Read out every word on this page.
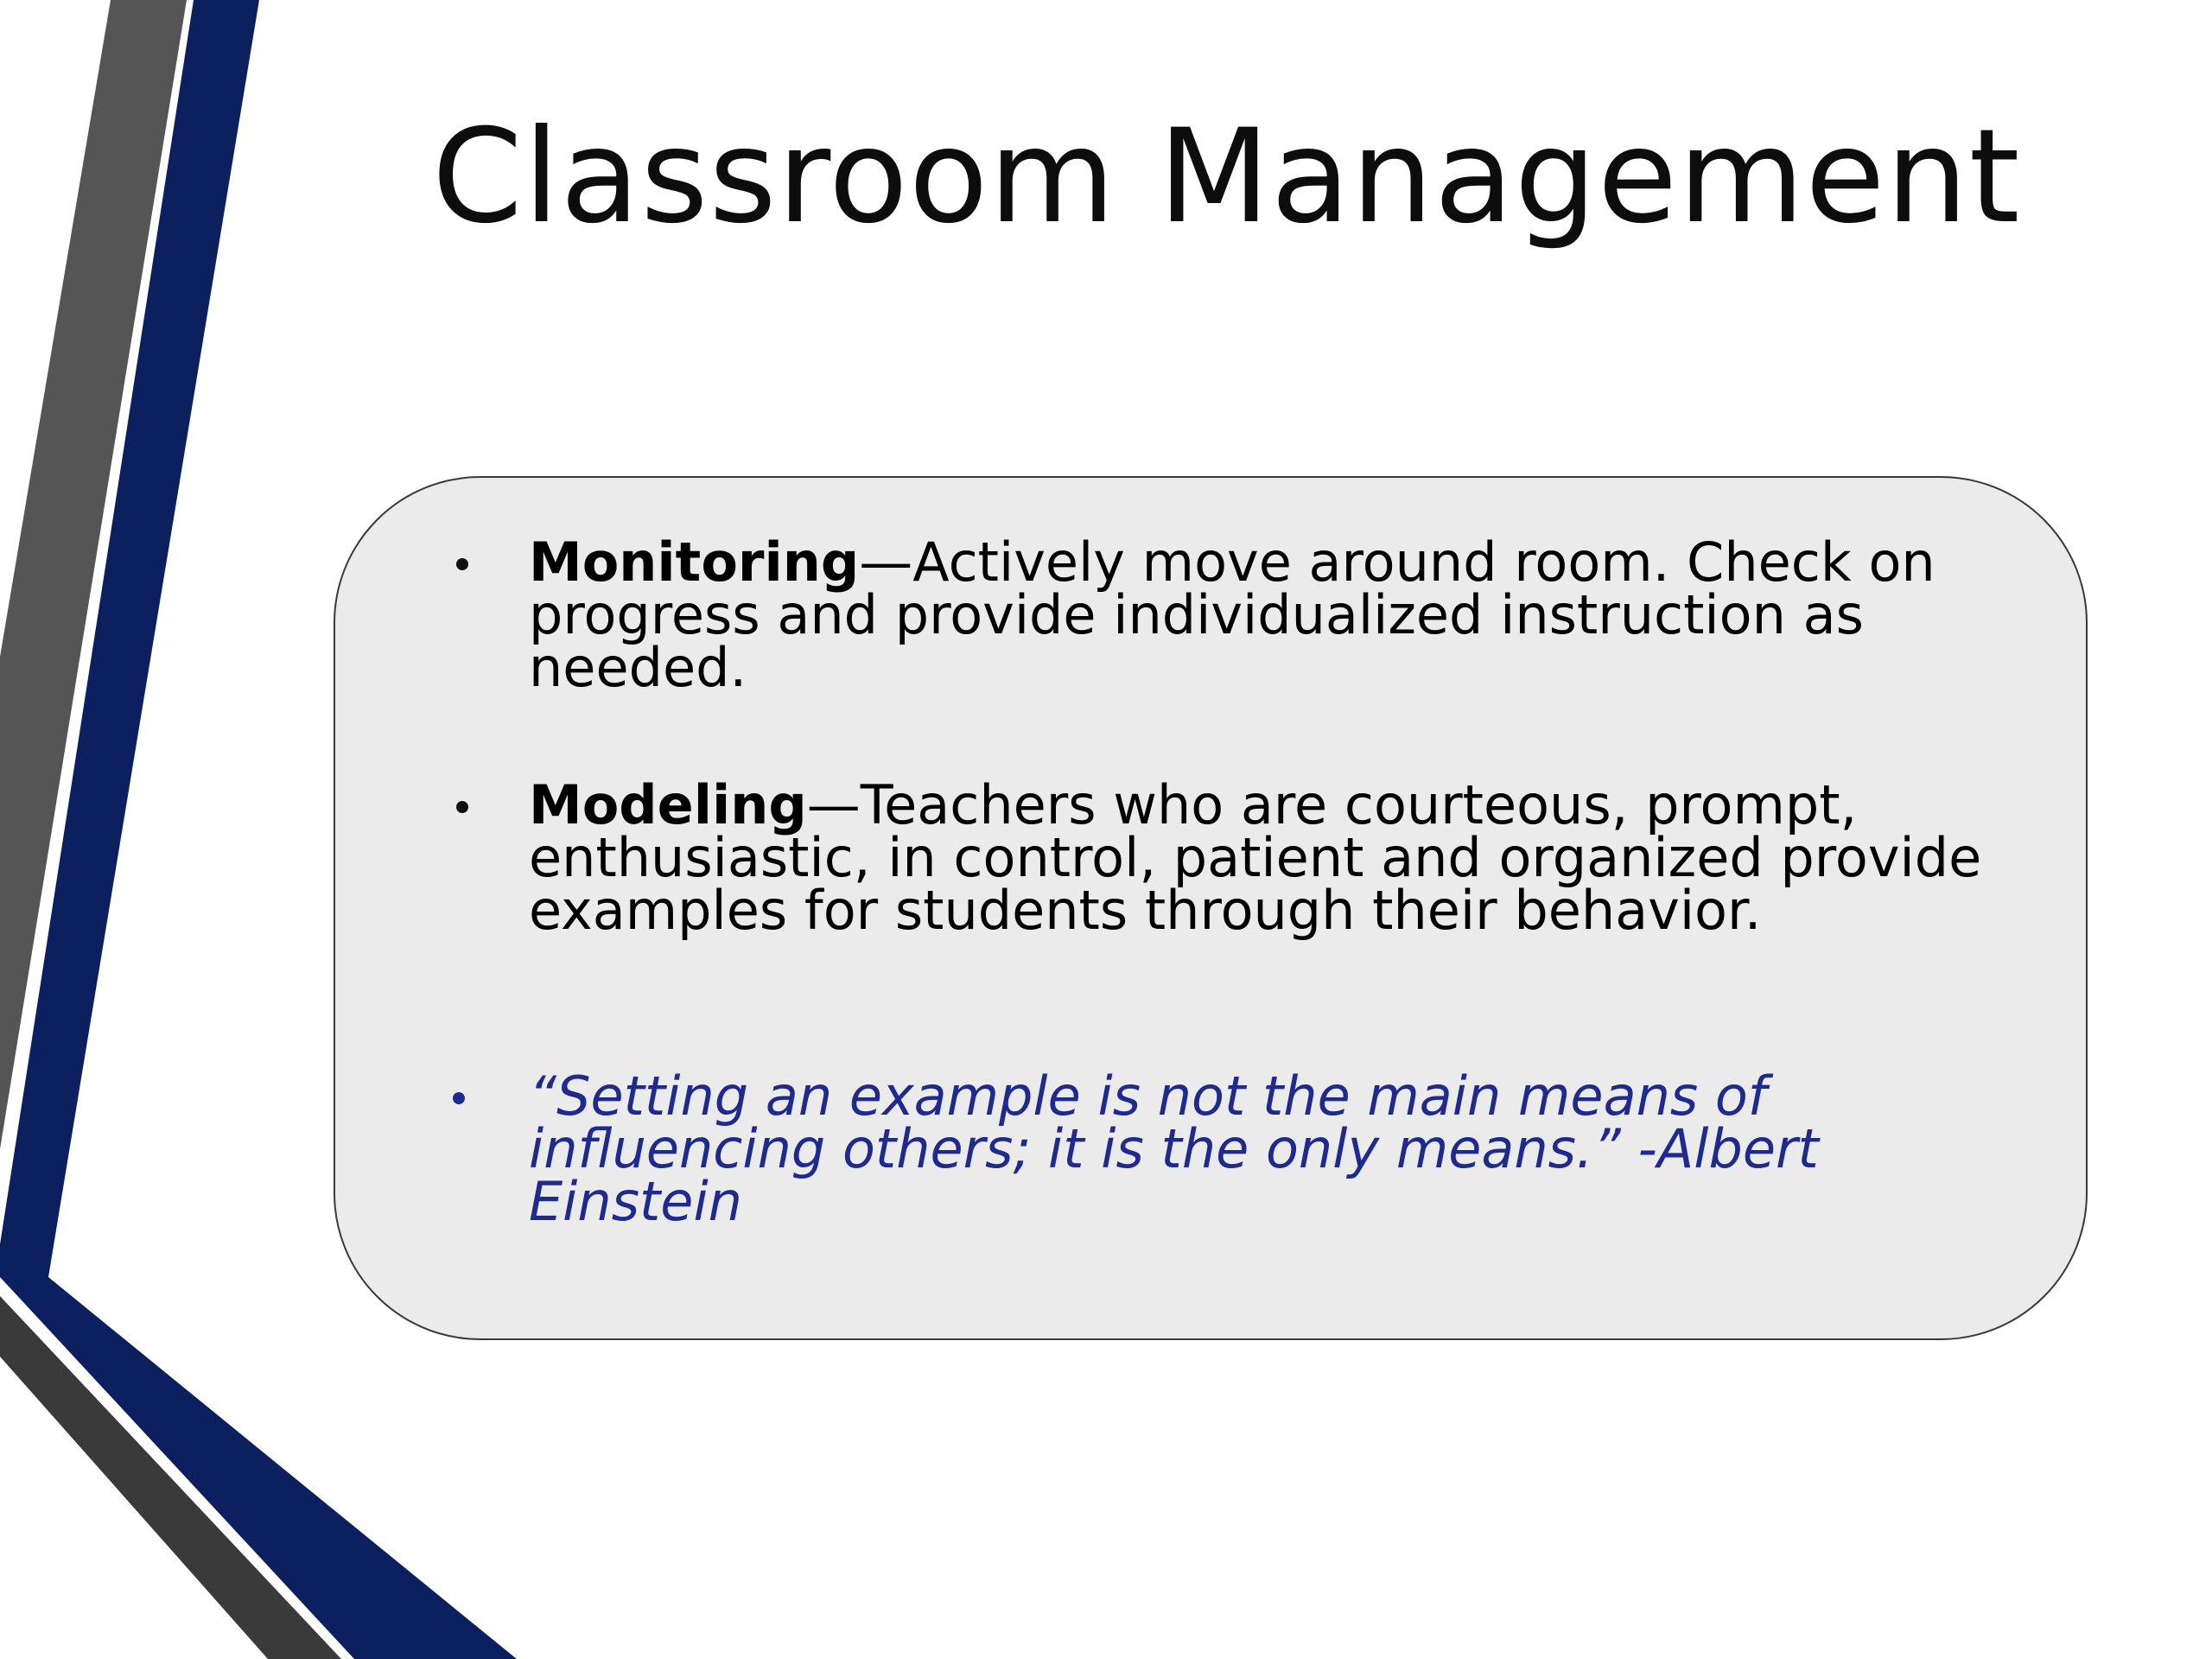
Classroom Management
Monitoring—Actively move around room. Check on progress and provide individualized instruction as needed.
Modeling—Teachers who are courteous, prompt, enthusiastic, in control, patient and organized provide examples for students through their behavior.
“Setting an example is not the main means of influencing others; it is the only means.” -Albert Einstein
